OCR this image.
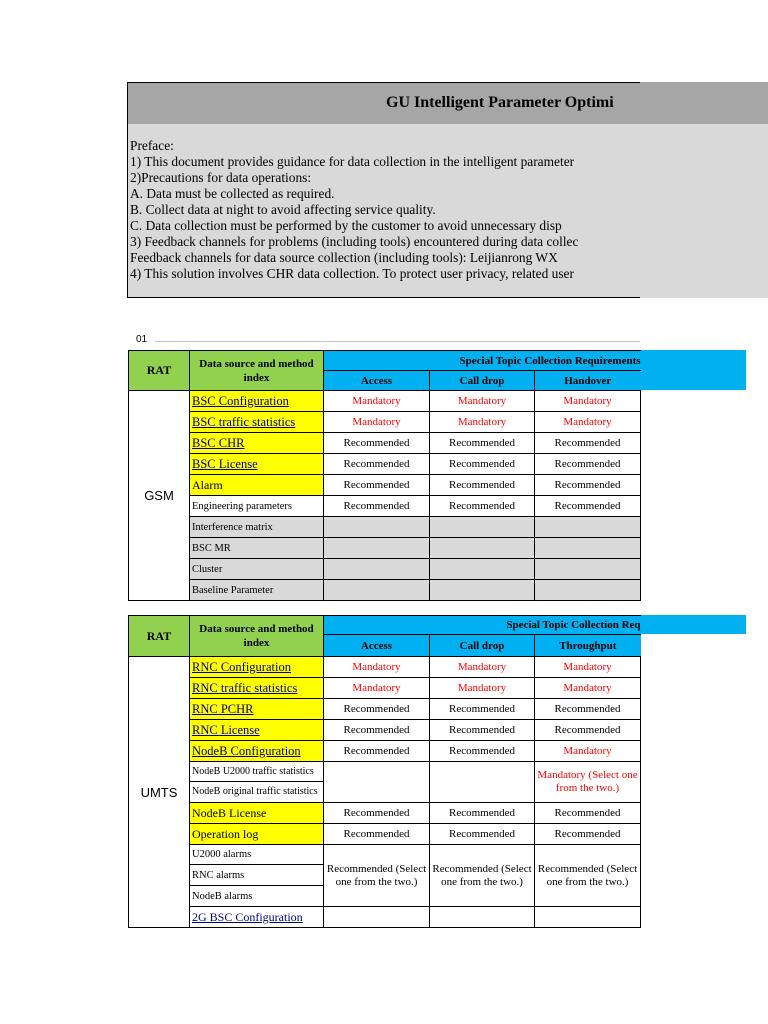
GU Intelligent Parameter Optimi
Preface:
1) This document provides guidance for data collection in the intelligent parameter
2)Precautions for data operations:
A. Data must be collected as required.
B. Collect data at night to avoid affecting service quality.
C. Data collection must be performed by the customer to avoid unnecessary disp
3) Feedback channels for problems (including tools) encountered during data collec
Feedback channels for data source collection (including tools): Leijianrong WX
4) This solution involves CHR data collection. To protect user privacy, related user
01
RAT	Data source and method index	Special Topic Collection Requirements		
		Access	Call drop	Handover
GSM	BSC Configuration	Mandatory	Mandatory	Mandatory
	BSC traffic statistics	Mandatory	Mandatory	Mandatory
	BSC CHR	Recommended	Recommended	Recommended
	BSC License	Recommended	Recommended	Recommended
	Alarm	Recommended	Recommended	Recommended
	Engineering parameters	Recommended	Recommended	Recommended
	Interference matrix			
	BSC MR			
	Cluster			
	Baseline Parameter			
RAT	Data source and method index	Special Topic Collection Req		
		Access	Call drop	Throughput
UMTS	RNC Configuration	Mandatory	Mandatory	Mandatory
	RNC traffic statistics	Mandatory	Mandatory	Mandatory
	RNC PCHR	Recommended	Recommended	Recommended
	RNC License	Recommended	Recommended	Recommended
	NodeB Configuration	Recommended	Recommended	Mandatory
	NodeB U2000 traffic statistics			Mandatory (Select one from the two.)
	NodeB original traffic statistics			
	NodeB License	Recommended	Recommended	Recommended
	Operation log	Recommended	Recommended	Recommended
	U2000 alarms	Recommended (Select one from the two.)	Recommended (Select one from the two.)	Recommended (Select one from the two.)
	RNC alarms			
	NodeB alarms			
	2G BSC Configuration			
